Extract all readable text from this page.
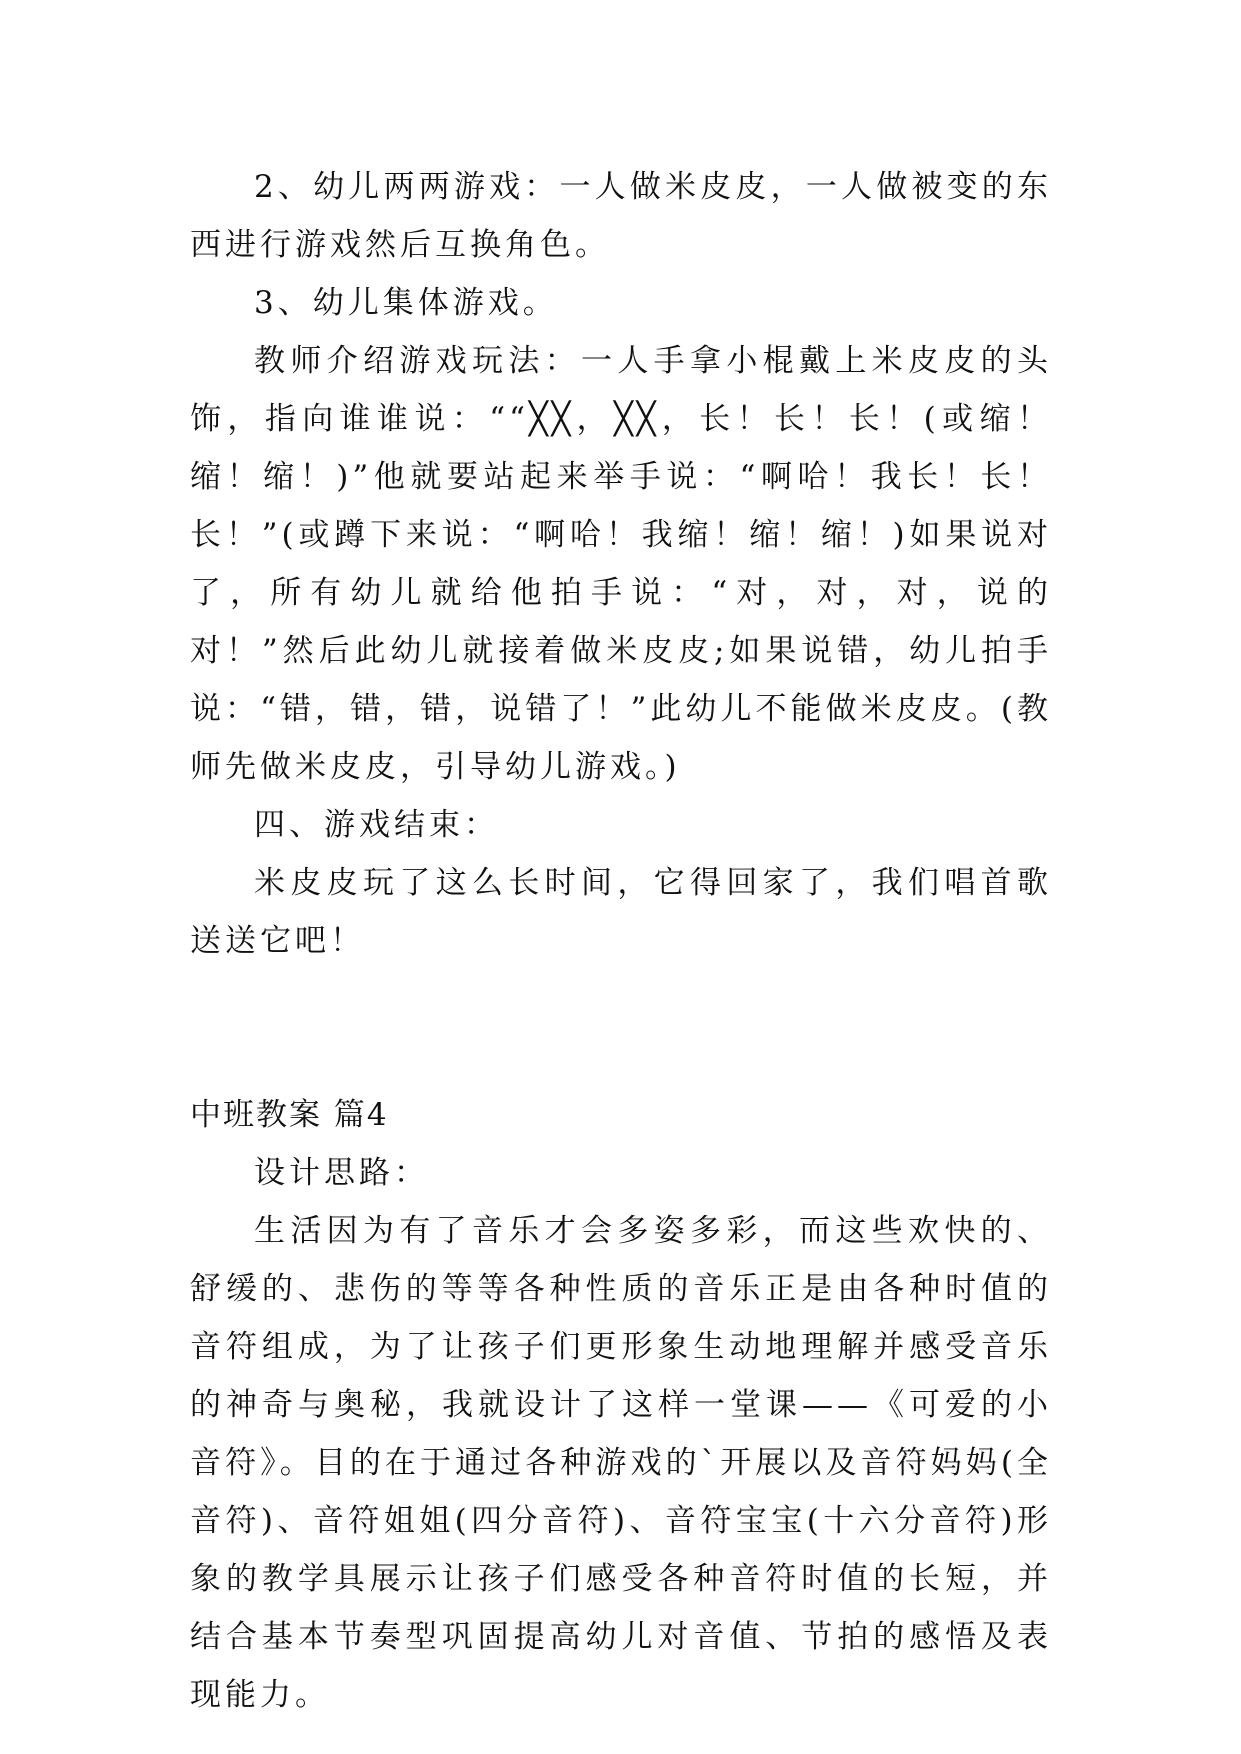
2、幼儿两两游戏：一人做米皮皮，一人做被变的东西进行游戏然后互换角色。

3、幼儿集体游戏。

教师介绍游戏玩法：一人手拿小棍戴上米皮皮的头饰，指向谁谁说：““╳╳，╳╳，长！长！长！(或缩！缩！缩！)”他就要站起来举手说：“啊哈！我长！长！长！”(或蹲下来说：“啊哈！我缩！缩！缩！)如果说对了，所有幼儿就给他拍手说：“对，对，对，说的对！”然后此幼儿就接着做米皮皮;如果说错，幼儿拍手说：“错，错，错，说错了！”此幼儿不能做米皮皮。(教师先做米皮皮，引导幼儿游戏。)

四、游戏结束：

米皮皮玩了这么长时间，它得回家了，我们唱首歌送送它吧！

中班教案 篇4

设计思路：

生活因为有了音乐才会多姿多彩，而这些欢快的、舒缓的、悲伤的等等各种性质的音乐正是由各种时值的音符组成，为了让孩子们更形象生动地理解并感受音乐的神奇与奥秘，我就设计了这样一堂课——《可爱的小音符》。目的在于通过各种游戏的`开展以及音符妈妈(全音符)、音符姐姐(四分音符)、音符宝宝(十六分音符)形象的教学具展示让孩子们感受各种音符时值的长短，并结合基本节奏型巩固提高幼儿对音值、节拍的感悟及表现能力。
